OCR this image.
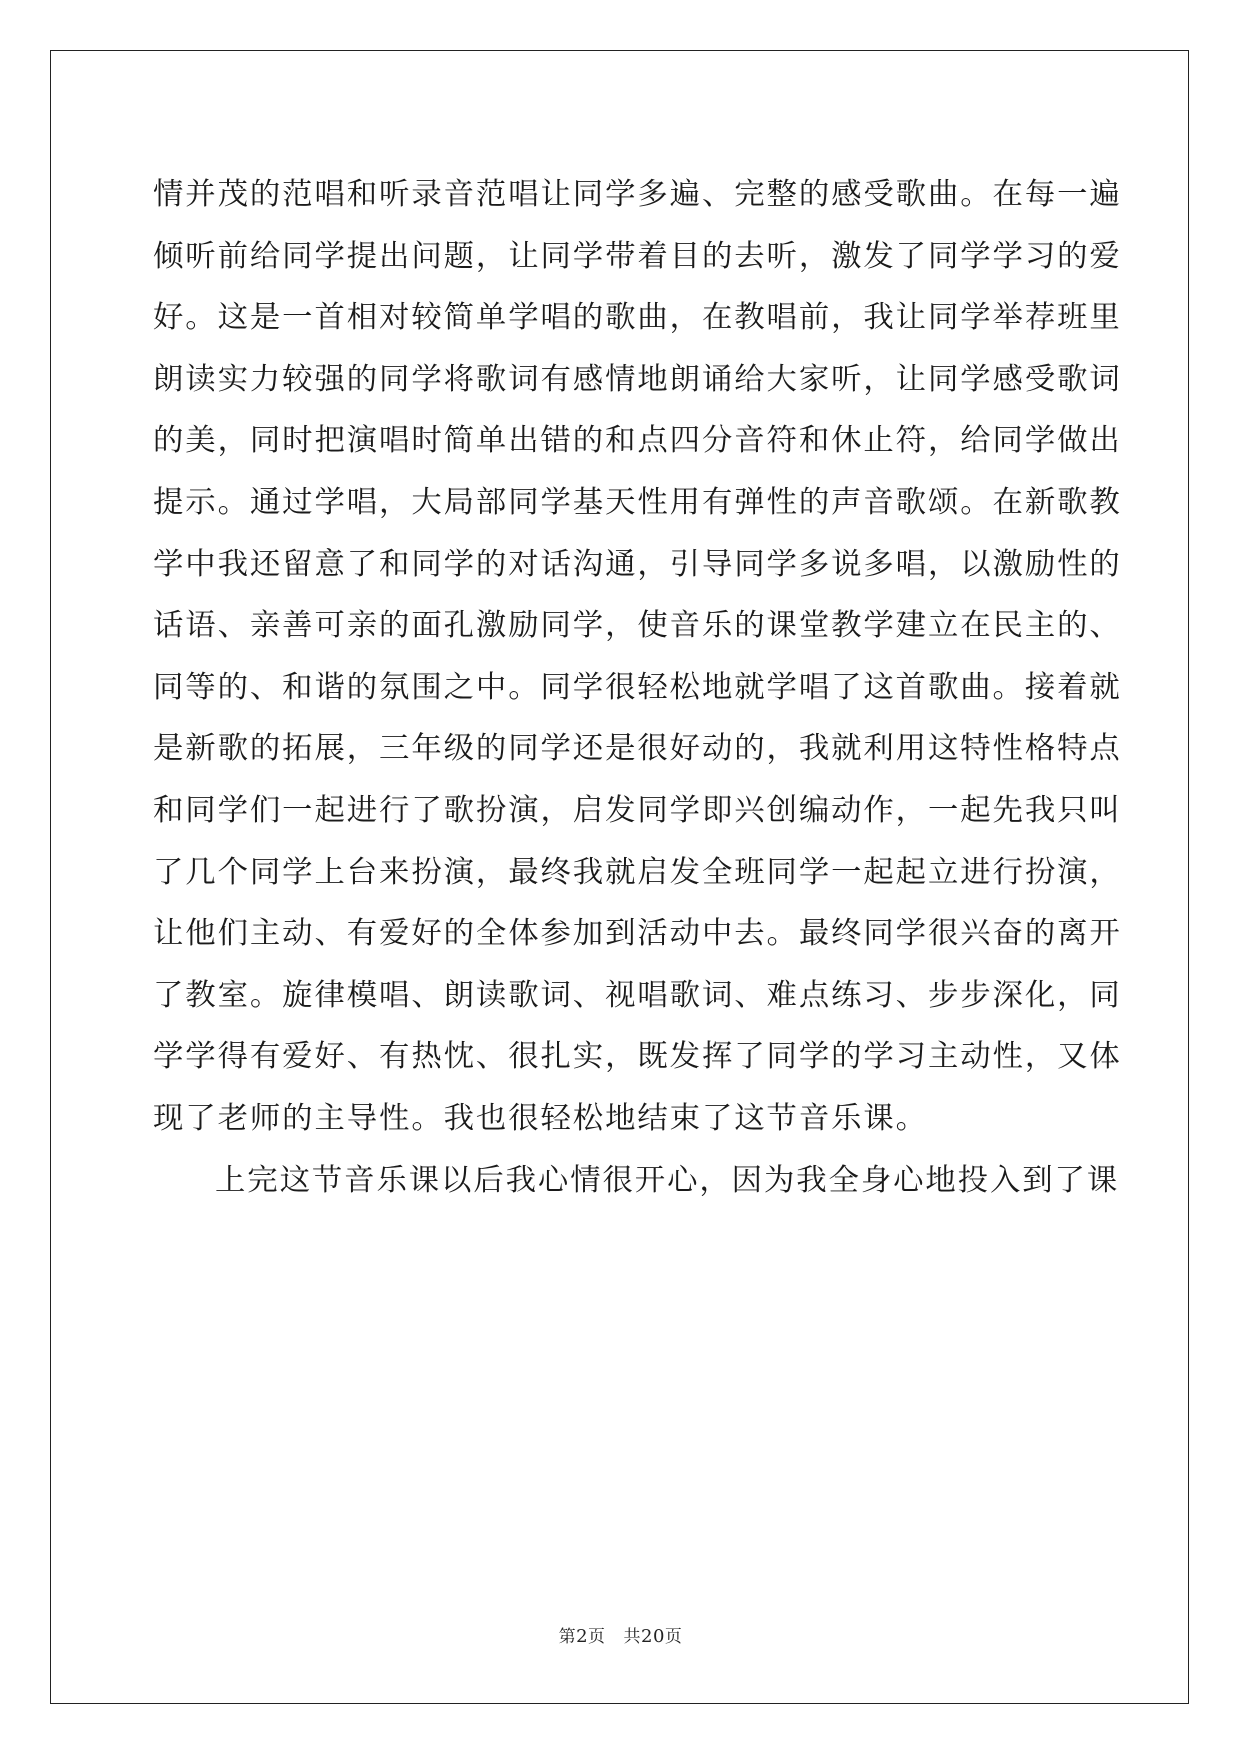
情并茂的范唱和听录音范唱让同学多遍、完整的感受歌曲。在每一遍
倾听前给同学提出问题，让同学带着目的去听，激发了同学学习的爱
好。这是一首相对较简单学唱的歌曲，在教唱前，我让同学举荐班里
朗读实力较强的同学将歌词有感情地朗诵给大家听，让同学感受歌词
的美，同时把演唱时简单出错的和点四分音符和休止符，给同学做出
提示。通过学唱，大局部同学基天性用有弹性的声音歌颂。在新歌教
学中我还留意了和同学的对话沟通，引导同学多说多唱，以激励性的
话语、亲善可亲的面孔激励同学，使音乐的课堂教学建立在民主的、
同等的、和谐的氛围之中。同学很轻松地就学唱了这首歌曲。接着就
是新歌的拓展，三年级的同学还是很好动的，我就利用这特性格特点
和同学们一起进行了歌扮演，启发同学即兴创编动作，一起先我只叫
了几个同学上台来扮演，最终我就启发全班同学一起起立进行扮演，
让他们主动、有爱好的全体参加到活动中去。最终同学很兴奋的离开
了教室。旋律模唱、朗读歌词、视唱歌词、难点练习、步步深化，同
学学得有爱好、有热忱、很扎实，既发挥了同学的学习主动性，又体
现了老师的主导性。我也很轻松地结束了这节音乐课。
上完这节音乐课以后我心情很开心，因为我全身心地投入到了课
第2页 共20页
